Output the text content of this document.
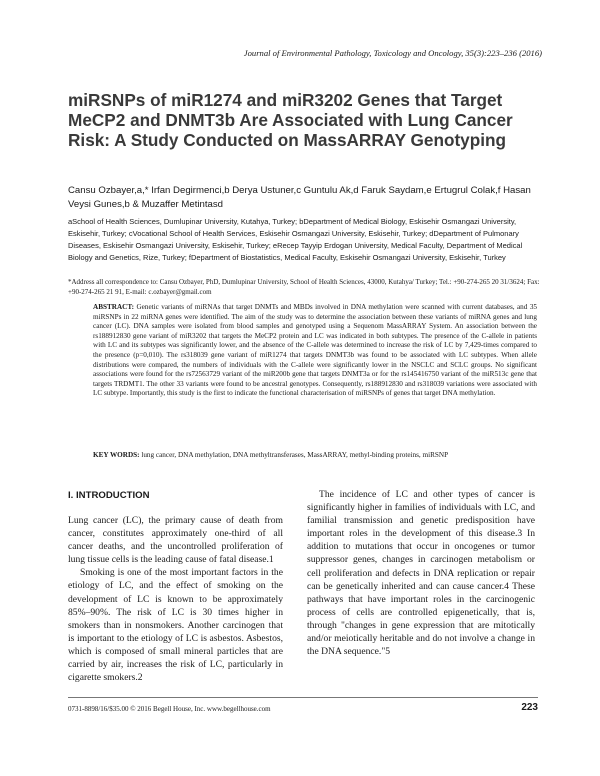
Journal of Environmental Pathology, Toxicology and Oncology, 35(3):223–236 (2016)
miRSNPs of miR1274 and miR3202 Genes that Target MeCP2 and DNMT3b Are Associated with Lung Cancer Risk: A Study Conducted on MassARRAY Genotyping
Cansu Ozbayer,a,* Irfan Degirmenci,b Derya Ustuner,c Guntulu Ak,d Faruk Saydam,e Ertugrul Colak,f Hasan Veysi Gunes,b & Muzaffer Metintasd
aSchool of Health Sciences, Dumlupinar University, Kutahya, Turkey; bDepartment of Medical Biology, Eskisehir Osmangazi University, Eskisehir, Turkey; cVocational School of Health Services, Eskisehir Osmangazi University, Eskisehir, Turkey; dDepartment of Pulmonary Diseases, Eskisehir Osmangazi University, Eskisehir, Turkey; eRecep Tayyip Erdogan University, Medical Faculty, Department of Medical Biology and Genetics, Rize, Turkey; fDepartment of Biostatistics, Medical Faculty, Eskisehir Osmangazi University, Eskisehir, Turkey
*Address all correspondence to: Cansu Ozbayer, PhD, Dumlupinar University, School of Health Sciences, 43000, Kutahya/ Turkey; Tel.: +90-274-265 20 31/3624; Fax: +90-274-265 21 91, E-mail: c.ozbayer@gmail.com
ABSTRACT: Genetic variants of miRNAs that target DNMTs and MBDs involved in DNA methylation were scanned with current databases, and 35 miRSNPs in 22 miRNA genes were identified. The aim of the study was to determine the association between these variants of miRNA genes and lung cancer (LC). DNA samples were isolated from blood samples and genotyped using a Sequenom MassARRAY System. An association between the rs188912830 gene variant of miR3202 that targets the MeCP2 protein and LC was indicated in both subtypes. The presence of the C-allele in patients with LC and its subtypes was significantly lower, and the absence of the C-allele was determined to increase the risk of LC by 7,429-times compared to the presence (p=0,010). The rs318039 gene variant of miR1274 that targets DNMT3b was found to be associated with LC subtypes. When allele distributions were compared, the numbers of individuals with the C-allele were significantly lower in the NSCLC and SCLC groups. No significant associations were found for the rs72563729 variant of the miR200b gene that targets DNMT3a or for the rs145416750 variant of the miR513c gene that targets TRDMT1. The other 33 variants were found to be ancestral genotypes. Consequently, rs188912830 and rs318039 variations were associated with LC subtype. Importantly, this study is the first to indicate the functional characterisation of miRSNPs of genes that target DNA methylation.
KEY WORDS: lung cancer, DNA methylation, DNA methyltransferases, MassARRAY, methyl-binding proteins, miRSNP
I. INTRODUCTION

Lung cancer (LC), the primary cause of death from cancer, constitutes approximately one-third of all cancer deaths, and the uncontrolled proliferation of lung tissue cells is the leading cause of fatal disease.1

Smoking is one of the most important factors in the etiology of LC, and the effect of smoking on the development of LC is known to be approximately 85%–90%. The risk of LC is 30 times higher in smokers than in nonsmokers. Another carcinogen that is important to the etiology of LC is asbestos. Asbestos, which is composed of small mineral particles that are carried by air, increases the risk of LC, particularly in cigarette smokers.2

The incidence of LC and other types of cancer is significantly higher in families of individuals with LC, and familial transmission and genetic predisposition have important roles in the development of this disease.3 In addition to mutations that occur in oncogenes or tumor suppressor genes, changes in carcinogen metabolism or cell proliferation and defects in DNA replication or repair can be genetically inherited and can cause cancer.4 These pathways that have important roles in the carcinogenic process of cells are controlled epigenetically, that is, through "changes in gene expression that are mitotically and/or meiotically heritable and do not involve a change in the DNA sequence."5

0731-8898/16/$35.00 © 2016 Begell House, Inc. www.begellhouse.com	223
